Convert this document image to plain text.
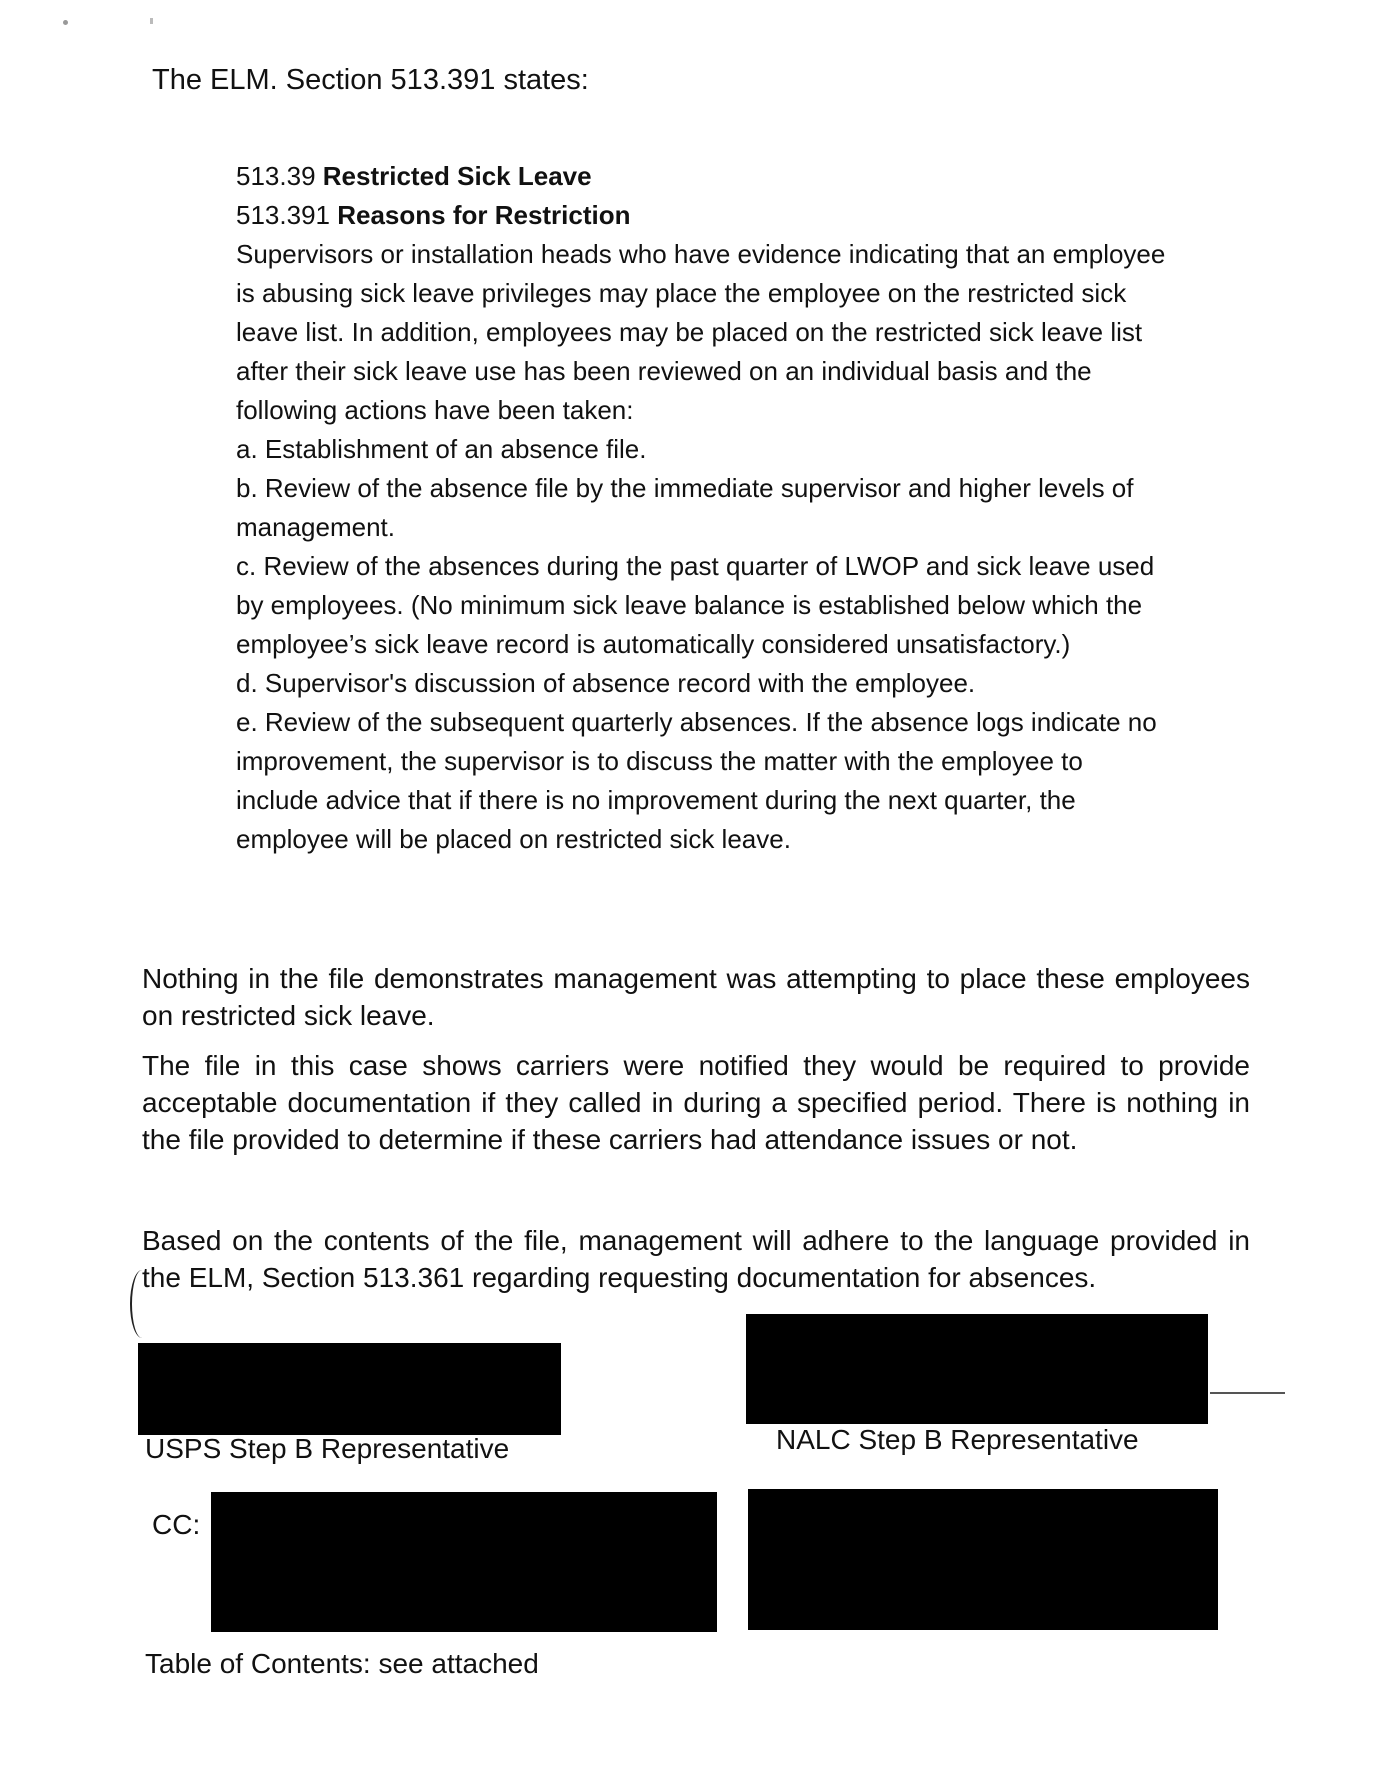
The ELM. Section 513.391 states:
513.39 Restricted Sick Leave
513.391 Reasons for Restriction

Supervisors or installation heads who have evidence indicating that an employee is abusing sick leave privileges may place the employee on the restricted sick leave list. In addition, employees may be placed on the restricted sick leave list after their sick leave use has been reviewed on an individual basis and the following actions have been taken:

a. Establishment of an absence file.

b. Review of the absence file by the immediate supervisor and higher levels of management.

c. Review of the absences during the past quarter of LWOP and sick leave used by employees. (No minimum sick leave balance is established below which the employee’s sick leave record is automatically considered unsatisfactory.)

d. Supervisor's discussion of absence record with the employee.

e. Review of the subsequent quarterly absences. If the absence logs indicate no improvement, the supervisor is to discuss the matter with the employee to include advice that if there is no improvement during the next quarter, the employee will be placed on restricted sick leave.

Nothing in the file demonstrates management was attempting to place these employees on restricted sick leave.
The file in this case shows carriers were notified they would be required to provide acceptable documentation if they called in during a specified period. There is nothing in the file provided to determine if these carriers had attendance issues or not.
Based on the contents of the file, management will adhere to the language provided in the ELM, Section 513.361 regarding requesting documentation for absences.
USPS Step B Representative	NALC Step B Representative
CC:
Table of Contents: see attached
